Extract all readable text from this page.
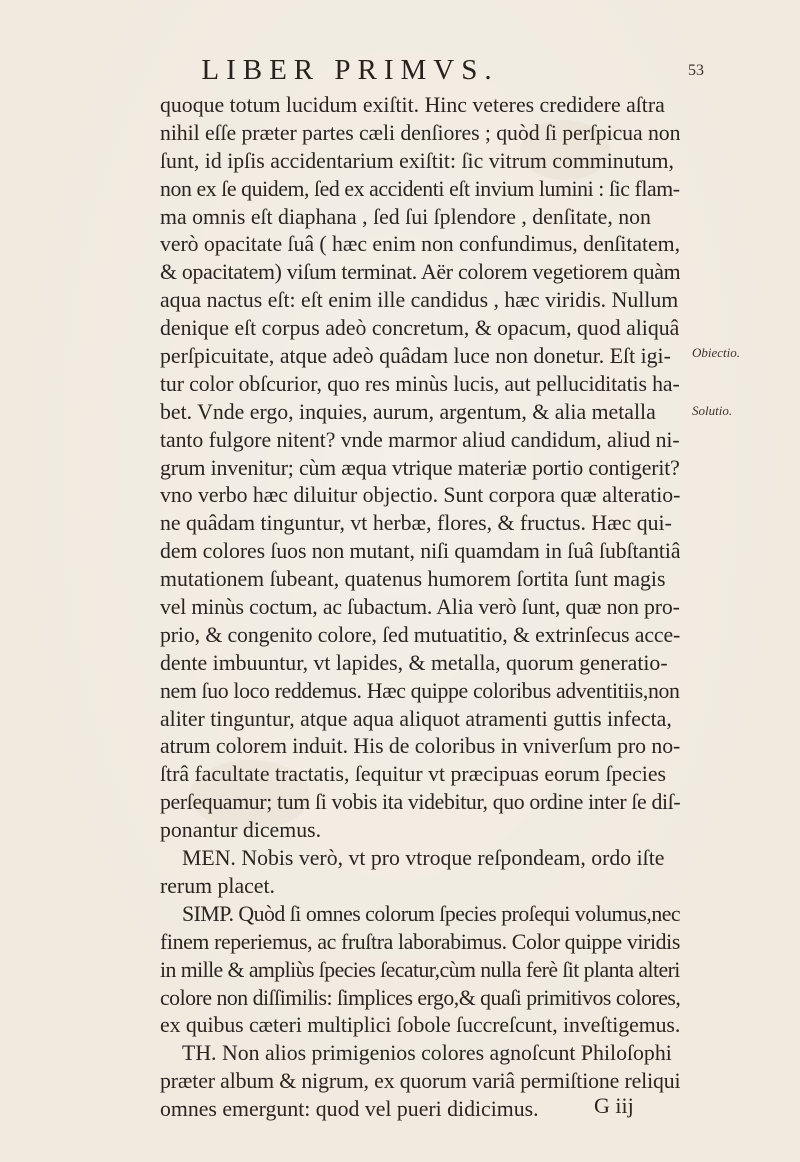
LIBER PRIMVS.	53
quoque totum lucidum exiſtit. Hinc veteres credidere aſtra
nihil eſſe præter partes cæli denſiores ; quòd ſi perſpicua non
ſunt, id ipſis accidentarium exiſtit: ſic vitrum comminutum,
non ex ſe quidem, ſed ex accidenti eſt invium lumini : ſic flam-
ma omnis eſt diaphana , ſed ſui ſplendore , denſitate, non
verò opacitate ſuâ ( hæc enim non confundimus, denſitatem,
& opacitatem) viſum terminat. Aër colorem vegetiorem quàm
aqua nactus eſt: eſt enim ille candidus , hæc viridis. Nullum
denique eſt corpus adeò concretum, & opacum, quod aliquâ
perſpicuitate, atque adeò quâdam luce non donetur. Eſt igi-
tur color obſcurior, quo res minùs lucis, aut pelluciditatis ha-
bet. Vnde ergo, inquies, aurum, argentum, & alia metalla
tanto fulgore nitent? vnde marmor aliud candidum, aliud ni-
grum invenitur; cùm æqua vtrique materiæ portio contigerit?
vno verbo hæc diluitur objectio. Sunt corpora quæ alteratio-
ne quâdam tinguntur, vt herbæ, flores, & fructus. Hæc qui-
dem colores ſuos non mutant, niſi quamdam in ſuâ ſubſtantiâ
mutationem ſubeant, quatenus humorem ſortita ſunt magis
vel minùs coctum, ac ſubactum. Alia verò ſunt, quæ non pro-
prio, & congenito colore, ſed mutuatitio, & extrinſecus acce-
dente imbuuntur, vt lapides, & metalla, quorum generatio-
nem ſuo loco reddemus. Hæc quippe coloribus adventitiis,non
aliter tinguntur, atque aqua aliquot atramenti guttis infecta,
atrum colorem induit. His de coloribus in vniverſum pro no-
ſtrâ facultate tractatis, ſequitur vt præcipuas eorum ſpecies
perſequamur; tum ſi vobis ita videbitur, quo ordine inter ſe diſ-
ponantur dicemus.
MEN. Nobis verò, vt pro vtroque reſpondeam, ordo iſte
rerum placet.
SIMP. Quòd ſi omnes colorum ſpecies proſequi volumus,nec
finem reperiemus, ac fruſtra laborabimus. Color quippe viridis
in mille & ampliùs ſpecies ſecatur,cùm nulla ferè ſit planta alteri
colore non diſſimilis: ſimplices ergo,& quaſi primitivos colores,
ex quibus cæteri multiplici ſobole ſuccreſcunt, inveſtigemus.
TH. Non alios primigenios colores agnoſcunt Philoſophi
præter album & nigrum, ex quorum variâ permiſtione reliqui
omnes emergunt: quod vel pueri didicimus.
Obiectio.
Solutio.
G iij
